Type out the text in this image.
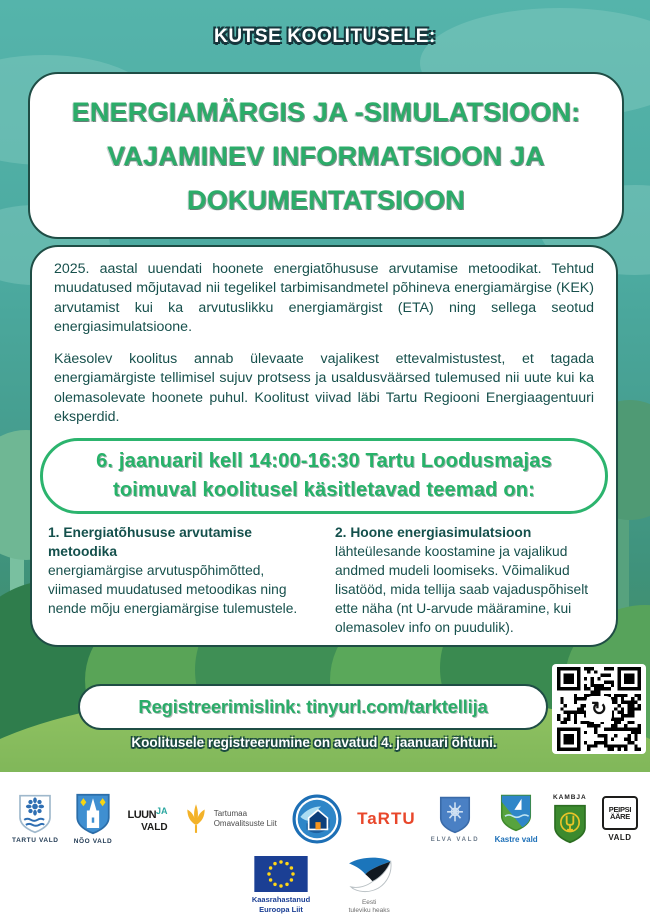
KUTSE KOOLITUSELE:
ENERGIAMÄRGIS JA -SIMULATSIOON:
VAJAMINEV INFORMATSIOON JA
DOKUMENTATSIOON

2025. aastal uuendati hoonete energiatõhususe arvutamise metoodikat. Tehtud muudatused mõjutavad nii tegelikel tarbimisandmetel põhineva energiamärgise (KEK) arvutamist kui ka arvutuslikku energiamärgist (ETA) ning sellega seotud energiasimulatsioone.

Käesolev koolitus annab ülevaate vajalikest ettevalmistustest, et tagada energiamärgiste tellimisel sujuv protsess ja usaldusväärsed tulemused nii uute kui ka olemasolevate hoonete puhul. Koolitust viivad läbi Tartu Regiooni Energiaagentuuri eksperdid.

6. jaanuaril kell 14:00-16:30 Tartu Loodusmajas
toimuval koolitusel käsitletavad teemad on:
1. Energiatõhususe arvutamise metoodika

energiamärgise arvutuspõhimõtted, viimased muudatused metoodikas ning nende mõju energiamärgise tulemustele.

2. Hoone energiasimulatsioon

lähteülesande koostamine ja vajalikud andmed mudeli loomiseks. Võimalikud lisatööd, mida tellija saab vajaduspõhiselt ette näha (nt U-arvude määramine, kui olemasolev info on puudulik).

Registreerimislink: tinyurl.com/tarktellija
Koolitusele registreerumine on avatud 4. jaanuari õhtuni.
↻
TARTU VALD NÕO VALD
$LUUN^{JA}$
VALD
Tartumaa
Omavalitsuste Liit	TaRTU
ELVA VALD Kastre vald
KAMBJA
PEIPSI
ÄÄRE
VALD
Kaasrahastanud
Euroopa Liit
Eesti
tuleviku heaks
